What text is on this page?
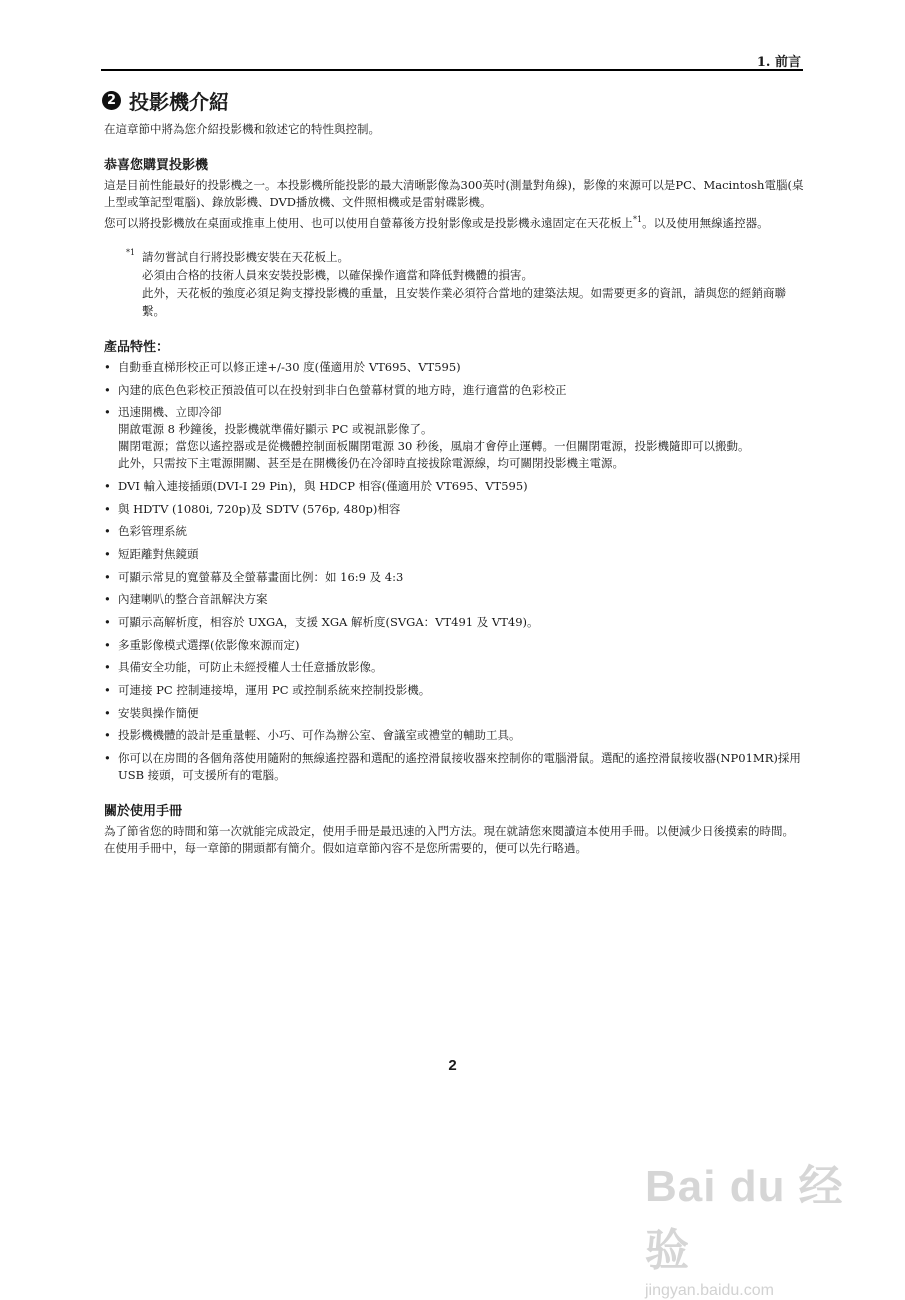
1. 前言
2 投影機介紹

在這章節中將為您介紹投影機和敘述它的特性與控制。

恭喜您購買投影機

這是目前性能最好的投影機之一。本投影機所能投影的最大清晰影像為300英吋(測量對角線)，影像的來源可以是PC、Macintosh電腦(桌上型或筆記型電腦)、錄放影機、DVD播放機、文件照相機或是雷射碟影機。

您可以將投影機放在桌面或推車上使用、也可以使用自螢幕後方投射影像或是投影機永遠固定在天花板上$^{*1}$。以及使用無線遙控器。

*1 請勿嘗試自行將投影機安裝在天花板上。

必須由合格的技術人員來安裝投影機，以確保操作適當和降低對機體的損害。

此外，天花板的強度必須足夠支撐投影機的重量，且安裝作業必須符合當地的建築法規。如需要更多的資訊，請與您的經銷商聯繫。

產品特性：
• 自動垂直梯形校正可以修正達+/-30 度(僅適用於 VT695、VT595)
• 內建的底色色彩校正預設值可以在投射到非白色螢幕材質的地方時，進行適當的色彩校正
• 迅速開機、立即冷卻
開啟電源 8 秒鐘後，投影機就準備好顯示 PC 或視訊影像了。
關閉電源；當您以遙控器或是從機體控制面板關閉電源 30 秒後，風扇才會停止運轉。一但關閉電源，投影機隨即可以搬動。
此外，只需按下主電源開關、甚至是在開機後仍在冷卻時直接拔除電源線，均可關閉投影機主電源。
• DVI 輸入連接插頭(DVI-I 29 Pin)，與 HDCP 相容(僅適用於 VT695、VT595)
• 與 HDTV (1080i, 720p)及 SDTV (576p, 480p)相容
• 色彩管理系統
• 短距離對焦鏡頭
• 可顯示常見的寬螢幕及全螢幕畫面比例：如 16:9 及 4:3
• 內建喇叭的整合音訊解決方案
• 可顯示高解析度，相容於 UXGA，支援 XGA 解析度(SVGA：VT491 及 VT49)。
• 多重影像模式選擇(依影像來源而定)
• 具備安全功能，可防止未經授權人士任意播放影像。
• 可連接 PC 控制連接埠，運用 PC 或控制系統來控制投影機。
• 安裝與操作簡便
• 投影機機體的設計是重量輕、小巧、可作為辦公室、會議室或禮堂的輔助工具。
• 你可以在房間的各個角落使用隨附的無線遙控器和選配的遙控滑鼠接收器來控制你的電腦滑鼠。選配的遙控滑鼠接收器(NP01MR)採用 USB 接頭，可支援所有的電腦。
關於使用手冊

為了節省您的時間和第一次就能完成設定，使用手冊是最迅速的入門方法。現在就請您來閱讀這本使用手冊。以便減少日後摸索的時間。在使用手冊中，每一章節的開頭都有簡介。假如這章節內容不是您所需要的，便可以先行略過。

2
Bai du 经验
jingyan.baidu.com
